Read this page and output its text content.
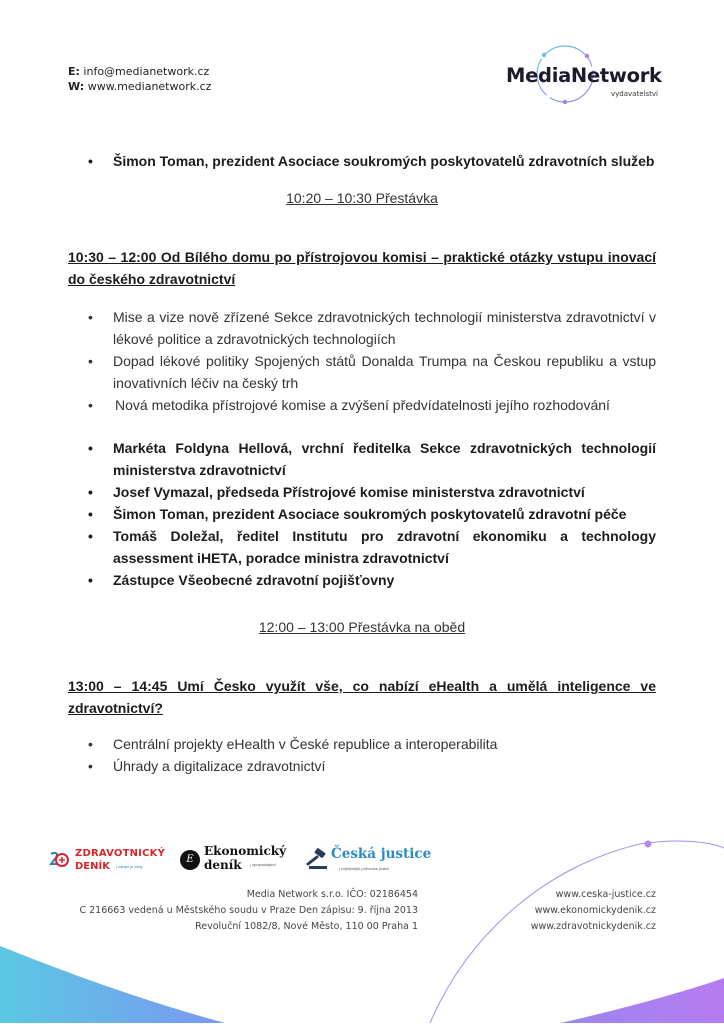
E: info@medianetwork.cz
W: www.medianetwork.cz	MediaNetwork
vydavatelství
• Šimon Toman, prezident Asociace soukromých poskytovatelů zdravotních služeb
10:20 – 10:30 Přestávka
10:30 – 12:00 Od Bílého domu po přístrojovou komisi – praktické otázky vstupu inovací do českého zdravotnictví
• Mise a vize nově zřízené Sekce zdravotnických technologií ministerstva zdravotnictví v lékové politice a zdravotnických technologiích
• Dopad lékové politiky Spojených států Donalda Trumpa na Českou republiku a vstup inovativních léčiv na český trh
• Nová metodika přístrojové komise a zvýšení předvídatelnosti jejího rozhodování
• Markéta Foldyna Hellová, vrchní ředitelka Sekce zdravotnických technologií ministerstva zdravotnictví
• Josef Vymazal, předseda Přístrojové komise ministerstva zdravotnictví
• Šimon Toman, prezident Asociace soukromých poskytovatelů zdravotní péče
• Tomáš Doležal, ředitel Institutu pro zdravotní ekonomiku a technology assessment iHETA, poradce ministra zdravotnictví
• Zástupce Všeobecné zdravotní pojišťovny
12:00 – 13:00 Přestávka na oběd
13:00 – 14:45 Umí Česko využít vše, co nabízí eHealth a umělá inteligence ve zdravotnictví?
• Centrální projekty eHealth v České republice a interoperabilita
• Úhrady a digitalizace zdravotnictví
ZDRAVOTNICKÝ
DENÍK | zdraví je vždy
E
Ekonomický
deník | zpravodajství
Česká justice
| nejčtenější průvodce justicí
Media Network s.r.o. IČO: 02186454
C 216663 vedená u Městského soudu v Praze Den zápisu: 9. října 2013
Revoluční 1082/8, Nové Město, 110 00 Praha 1
www.ceska-justice.cz
www.ekonomickydenik.cz
www.zdravotnickydenik.cz
